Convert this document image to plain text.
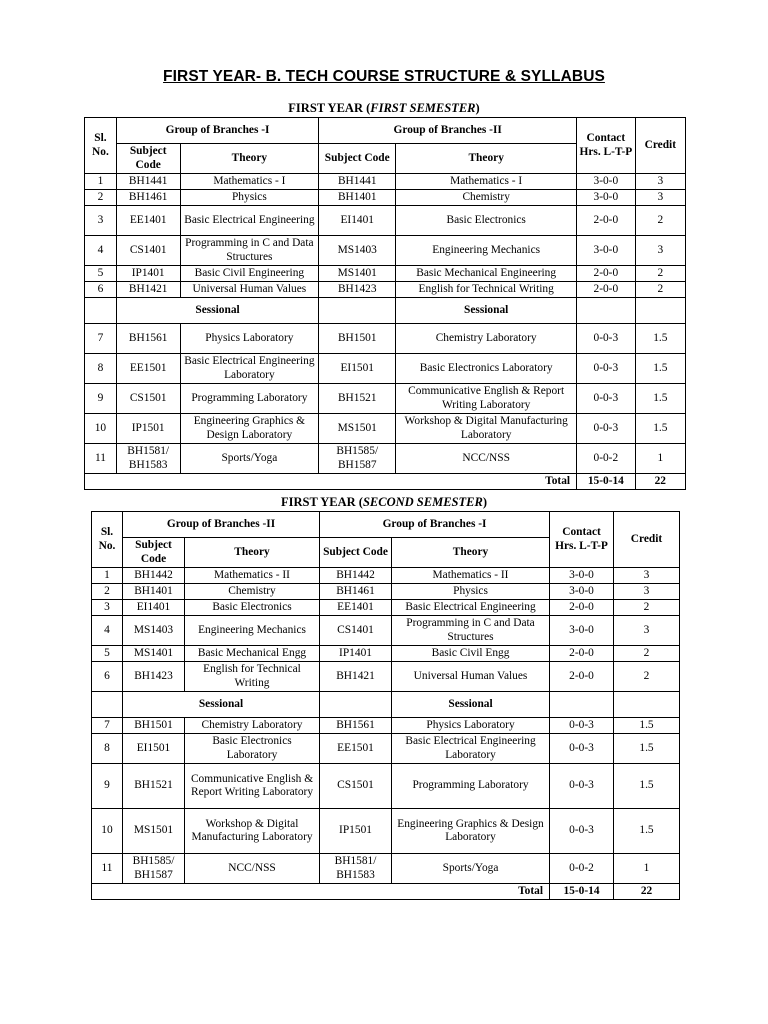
FIRST YEAR- B. TECH COURSE STRUCTURE & SYLLABUS
FIRST YEAR (FIRST SEMESTER)
Sl. No.	Group of Branches -I		Group of Branches -II		Contact Hrs. L-T-P	Credit
	Subject Code	Theory	Subject Code	Theory		
1	BH1441	Mathematics - I	BH1441	Mathematics - I	3-0-0	3
2	BH1461	Physics	BH1401	Chemistry	3-0-0	3
3	EE1401	Basic Electrical Engineering	EI1401	Basic Electronics	2-0-0	2
4	CS1401	Programming in C and Data Structures	MS1403	Engineering Mechanics	3-0-0	3
5	IP1401	Basic Civil Engineering	MS1401	Basic Mechanical Engineering	2-0-0	2
6	BH1421	Universal Human Values	BH1423	English for Technical Writing	2-0-0	2
	Sessional			Sessional		
7	BH1561	Physics Laboratory	BH1501	Chemistry Laboratory	0-0-3	1.5
8	EE1501	Basic Electrical Engineering Laboratory	EI1501	Basic Electronics Laboratory	0-0-3	1.5
9	CS1501	Programming Laboratory	BH1521	Communicative English & Report Writing Laboratory	0-0-3	1.5
10	IP1501	Engineering Graphics & Design Laboratory	MS1501	Workshop & Digital Manufacturing Laboratory	0-0-3	1.5
11	BH1581/ BH1583	Sports/Yoga	BH1585/ BH1587	NCC/NSS	0-0-2	1
Total					15-0-14	22
FIRST YEAR (SECOND SEMESTER)
Sl. No.	Group of Branches -II		Group of Branches -I		Contact Hrs. L-T-P	Credit
	Subject Code	Theory	Subject Code	Theory		
1	BH1442	Mathematics - II	BH1442	Mathematics - II	3-0-0	3
2	BH1401	Chemistry	BH1461	Physics	3-0-0	3
3	EI1401	Basic Electronics	EE1401	Basic Electrical Engineering	2-0-0	2
4	MS1403	Engineering Mechanics	CS1401	Programming in C and Data Structures	3-0-0	3
5	MS1401	Basic Mechanical Engg	IP1401	Basic Civil Engg	2-0-0	2
6	BH1423	English for Technical Writing	BH1421	Universal Human Values	2-0-0	2
	Sessional			Sessional		
7	BH1501	Chemistry Laboratory	BH1561	Physics Laboratory	0-0-3	1.5
8	EI1501	Basic Electronics Laboratory	EE1501	Basic Electrical Engineering Laboratory	0-0-3	1.5
9	BH1521	Communicative English & Report Writing Laboratory	CS1501	Programming Laboratory	0-0-3	1.5
10	MS1501	Workshop & Digital Manufacturing Laboratory	IP1501	Engineering Graphics & Design Laboratory	0-0-3	1.5
11	BH1585/ BH1587	NCC/NSS	BH1581/ BH1583	Sports/Yoga	0-0-2	1
Total					15-0-14	22
